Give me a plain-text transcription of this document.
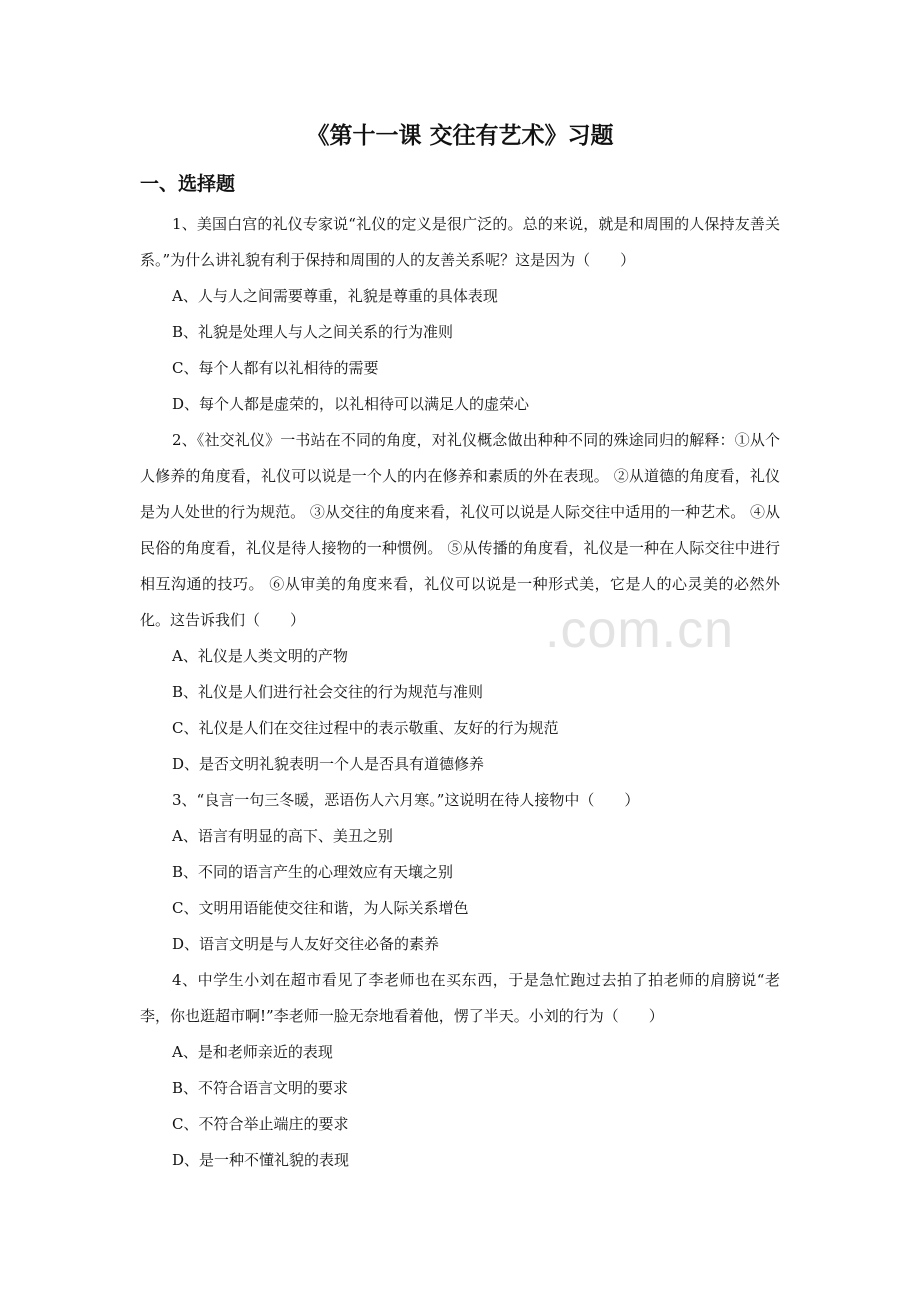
.com.cn
《第十一课 交往有艺术》习题
一、选择题

1、美国白宫的礼仪专家说“礼仪的定义是很广泛的。总的来说，就是和周围的人保持友善关系。”为什么讲礼貌有利于保持和周围的人的友善关系呢？这是因为（　　）

A、人与人之间需要尊重，礼貌是尊重的具体表现

B、礼貌是处理人与人之间关系的行为准则

C、每个人都有以礼相待的需要

D、每个人都是虚荣的，以礼相待可以满足人的虚荣心

2、《社交礼仪》一书站在不同的角度，对礼仪概念做出种种不同的殊途同归的解释：①从个人修养的角度看，礼仪可以说是一个人的内在修养和素质的外在表现。 ②从道德的角度看，礼仪是为人处世的行为规范。 ③从交往的角度来看，礼仪可以说是人际交往中适用的一种艺术。 ④从民俗的角度看，礼仪是待人接物的一种惯例。 ⑤从传播的角度看，礼仪是一种在人际交往中进行相互沟通的技巧。 ⑥从审美的角度来看，礼仪可以说是一种形式美，它是人的心灵美的必然外化。这告诉我们（　　）

A、礼仪是人类文明的产物

B、礼仪是人们进行社会交往的行为规范与准则

C、礼仪是人们在交往过程中的表示敬重、友好的行为规范

D、是否文明礼貌表明一个人是否具有道德修养

3、“良言一句三冬暖，恶语伤人六月寒。”这说明在待人接物中（　　）

A、语言有明显的高下、美丑之别

B、不同的语言产生的心理效应有天壤之别

C、文明用语能使交往和谐，为人际关系增色

D、语言文明是与人友好交往必备的素养

4、中学生小刘在超市看见了李老师也在买东西，于是急忙跑过去拍了拍老师的肩膀说“老李，你也逛超市啊!”李老师一脸无奈地看着他，愣了半天。小刘的行为（　　）

A、是和老师亲近的表现

B、不符合语言文明的要求

C、不符合举止端庄的要求

D、是一种不懂礼貌的表现
